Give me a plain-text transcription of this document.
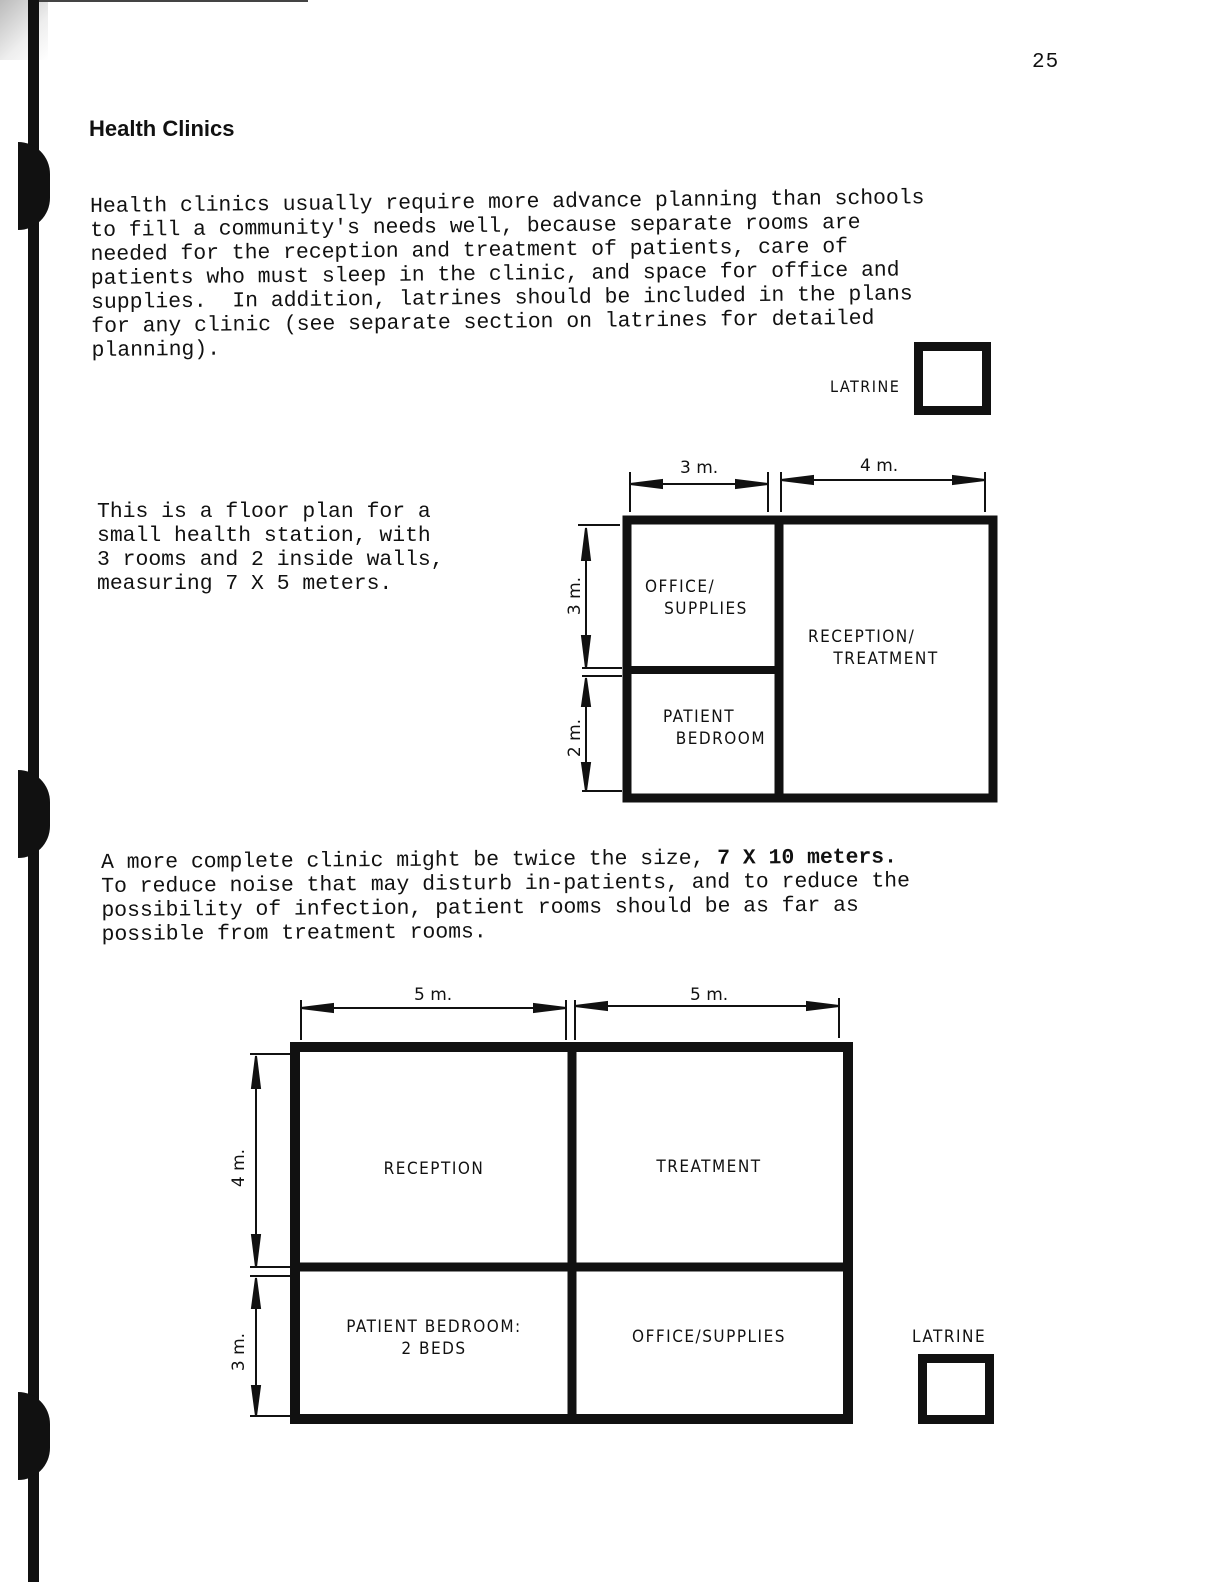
25
Health Clinics
Health clinics usually require more advance planning than schools
to fill a community's needs well, because separate rooms are
needed for the reception and treatment of patients, care of
patients who must sleep in the clinic, and space for office and
supplies.  In addition, latrines should be included in the plans
for any clinic (see separate section on latrines for detailed
planning).
LATRINE
This is a floor plan for a
small health station, with
3 rooms and 2 inside walls,
measuring 7 X 5 meters.
3 m.	4 m.
3 m.
2 m.
OFFICE/
SUPPLIES
RECEPTION/
TREATMENT
PATIENT
BEDROOM
A more complete clinic might be twice the size, 7 X 10 meters.
To reduce noise that may disturb in-patients, and to reduce the
possibility of infection, patient rooms should be as far as
possible from treatment rooms.
5 m.	5 m.
4 m.
3 m.
RECEPTION	TREATMENT
PATIENT BEDROOM:
2 BEDS
OFFICE/SUPPLIES	LATRINE
